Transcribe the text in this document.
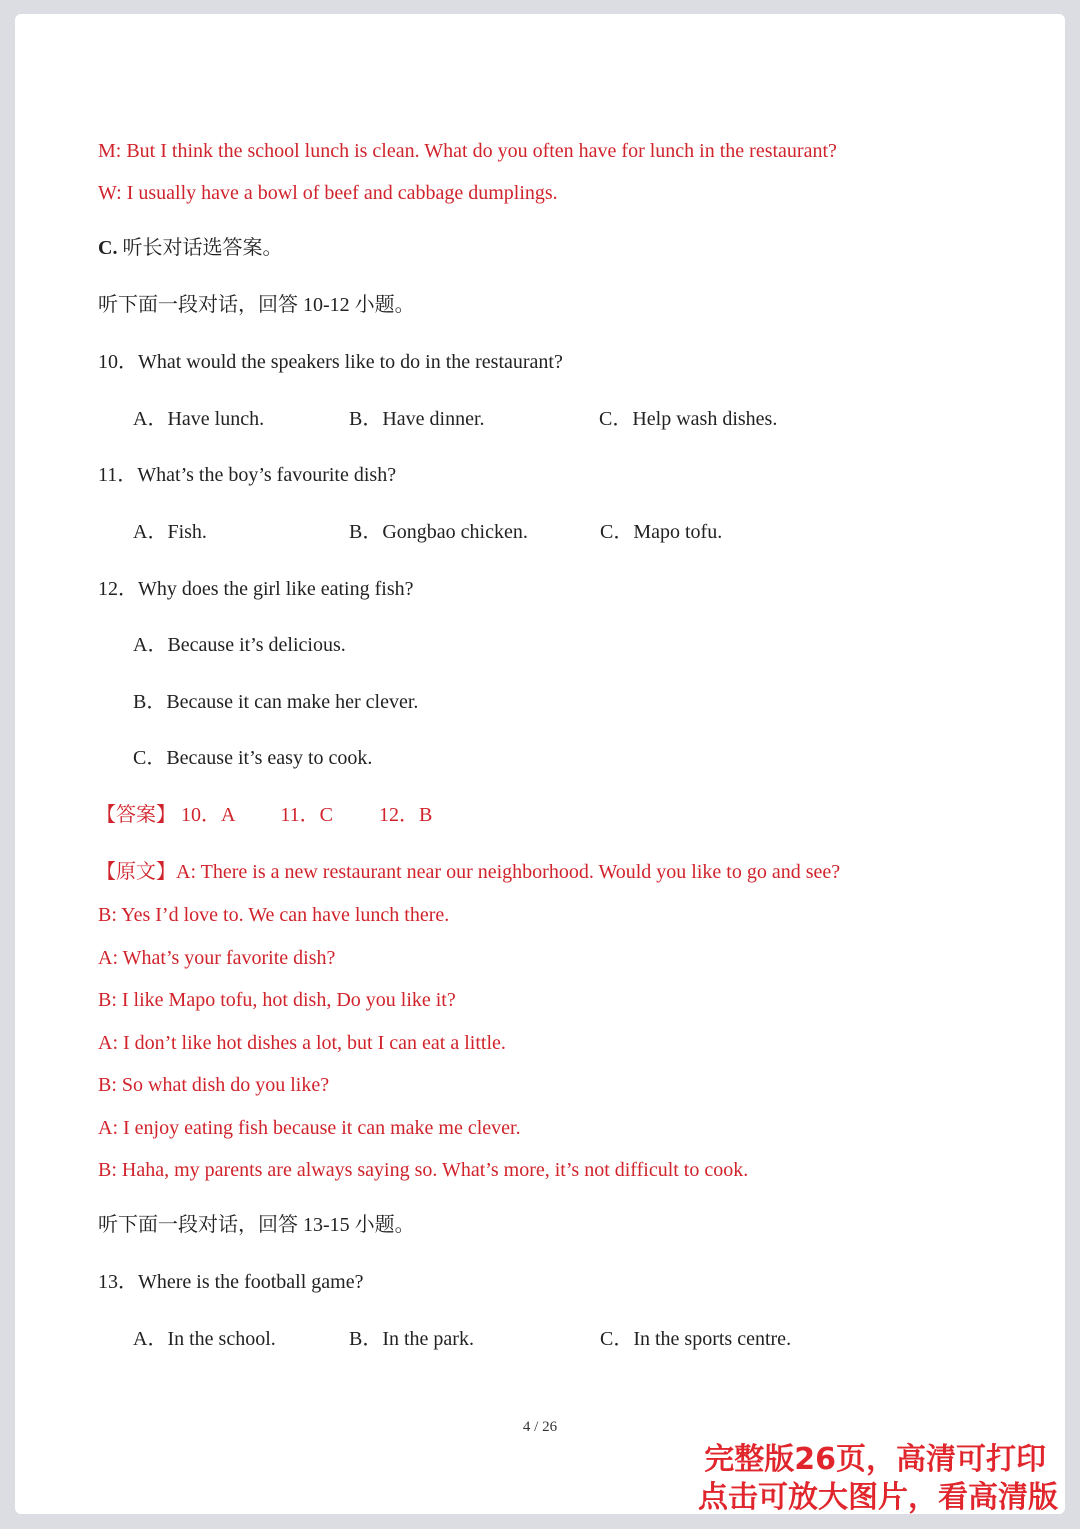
M: But I think the school lunch is clean. What do you often have for lunch in the restaurant?
W: I usually have a bowl of beef and cabbage dumplings.
C. 听长对话选答案。
听下面一段对话，回答 10-12 小题。
10．What would the speakers like to do in the restaurant?
A．Have lunch.	B．Have dinner.	C．Help wash dishes.
11．What’s the boy’s favourite dish?
A．Fish.	B．Gongbao chicken.	C．Mapo tofu.
12．Why does the girl like eating fish?
A．Because it’s delicious.
B．Because it can make her clever.
C．Because it’s easy to cook.
【答案】 10．A 11．C 12．B
【原文】A: There is a new restaurant near our neighborhood. Would you like to go and see?
B: Yes I’d love to. We can have lunch there.
A: What’s your favorite dish?
B: I like Mapo tofu, hot dish, Do you like it?
A: I don’t like hot dishes a lot, but I can eat a little.
B: So what dish do you like?
A: I enjoy eating fish because it can make me clever.
B: Haha, my parents are always saying so. What’s more, it’s not difficult to cook.
听下面一段对话，回答 13-15 小题。
13．Where is the football game?
A．In the school.	B．In the park.	C．In the sports centre.
4 / 26
完整版26页，高清可打印
点击可放大图片，看高清版
